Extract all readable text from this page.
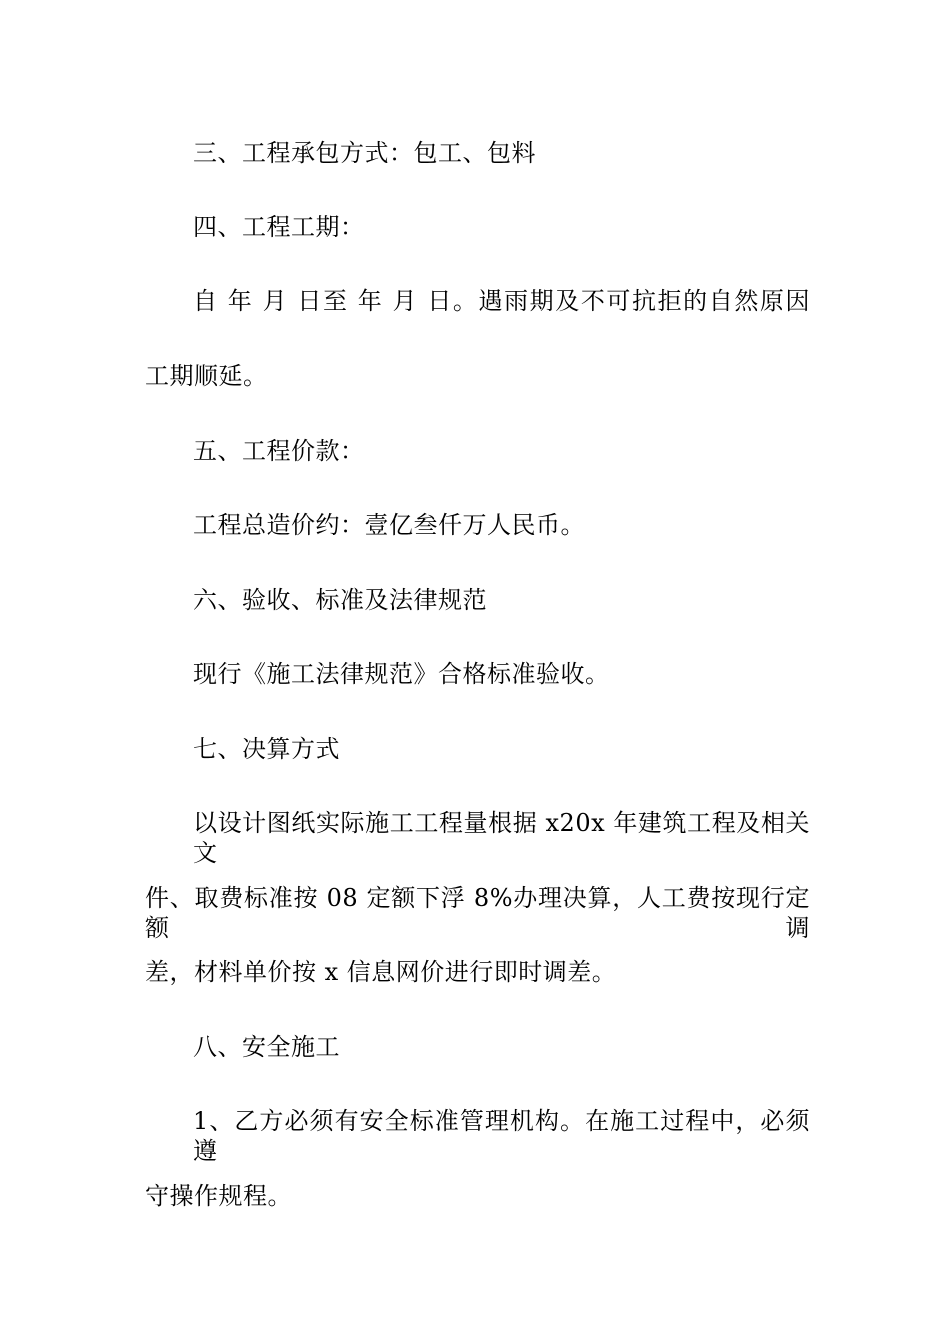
三、工程承包方式：包工、包料
四、工程工期：
自 年 月 日至 年 月 日。遇雨期及不可抗拒的自然原因
工期顺延。
五、工程价款：
工程总造价约：壹亿叁仟万人民币。
六、验收、标准及法律规范
现行《施工法律规范》合格标准验收。
七、决算方式
以设计图纸实际施工工程量根据 x20x 年建筑工程及相关文
件、取费标准按 08 定额下浮 8%办理决算，人工费按现行定额调
差，材料单价按 x 信息网价进行即时调差。
八、安全施工
1、乙方必须有安全标准管理机构。在施工过程中，必须遵
守操作规程。
